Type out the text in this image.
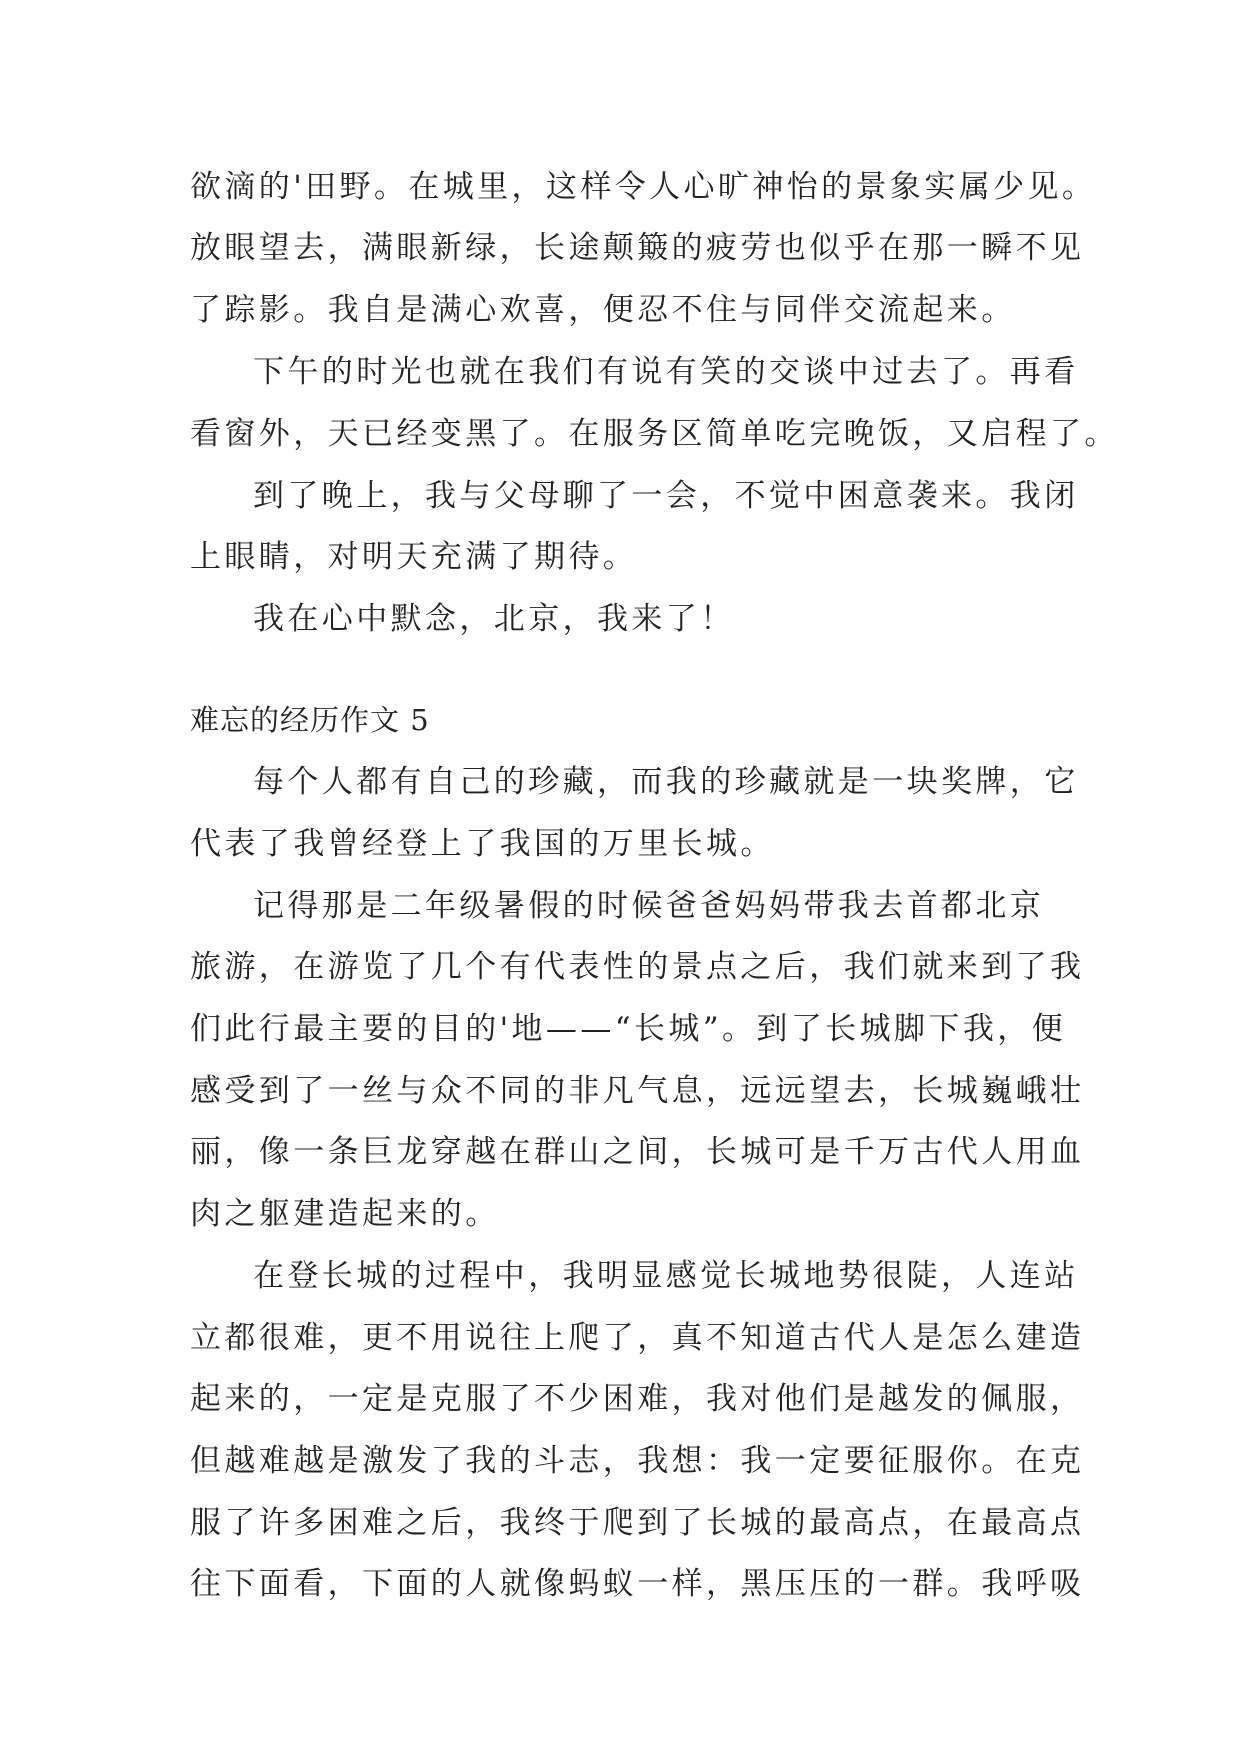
欲滴的'田野。在城里，这样令人心旷神怡的景象实属少见。
放眼望去，满眼新绿，长途颠簸的疲劳也似乎在那一瞬不见
了踪影。我自是满心欢喜，便忍不住与同伴交流起来。
下午的时光也就在我们有说有笑的交谈中过去了。再看
看窗外，天已经变黑了。在服务区简单吃完晚饭，又启程了。
到了晚上，我与父母聊了一会，不觉中困意袭来。我闭
上眼睛，对明天充满了期待。
我在心中默念，北京，我来了！
难忘的经历作文 5
每个人都有自己的珍藏，而我的珍藏就是一块奖牌，它
代表了我曾经登上了我国的万里长城。
记得那是二年级暑假的时候爸爸妈妈带我去首都北京
旅游，在游览了几个有代表性的景点之后，我们就来到了我
们此行最主要的目的'地——“长城”。到了长城脚下我，便
感受到了一丝与众不同的非凡气息，远远望去，长城巍峨壮
丽，像一条巨龙穿越在群山之间，长城可是千万古代人用血
肉之躯建造起来的。
在登长城的过程中，我明显感觉长城地势很陡，人连站
立都很难，更不用说往上爬了，真不知道古代人是怎么建造
起来的，一定是克服了不少困难，我对他们是越发的佩服，
但越难越是激发了我的斗志，我想：我一定要征服你。在克
服了许多困难之后，我终于爬到了长城的最高点，在最高点
往下面看，下面的人就像蚂蚁一样，黑压压的一群。我呼吸
